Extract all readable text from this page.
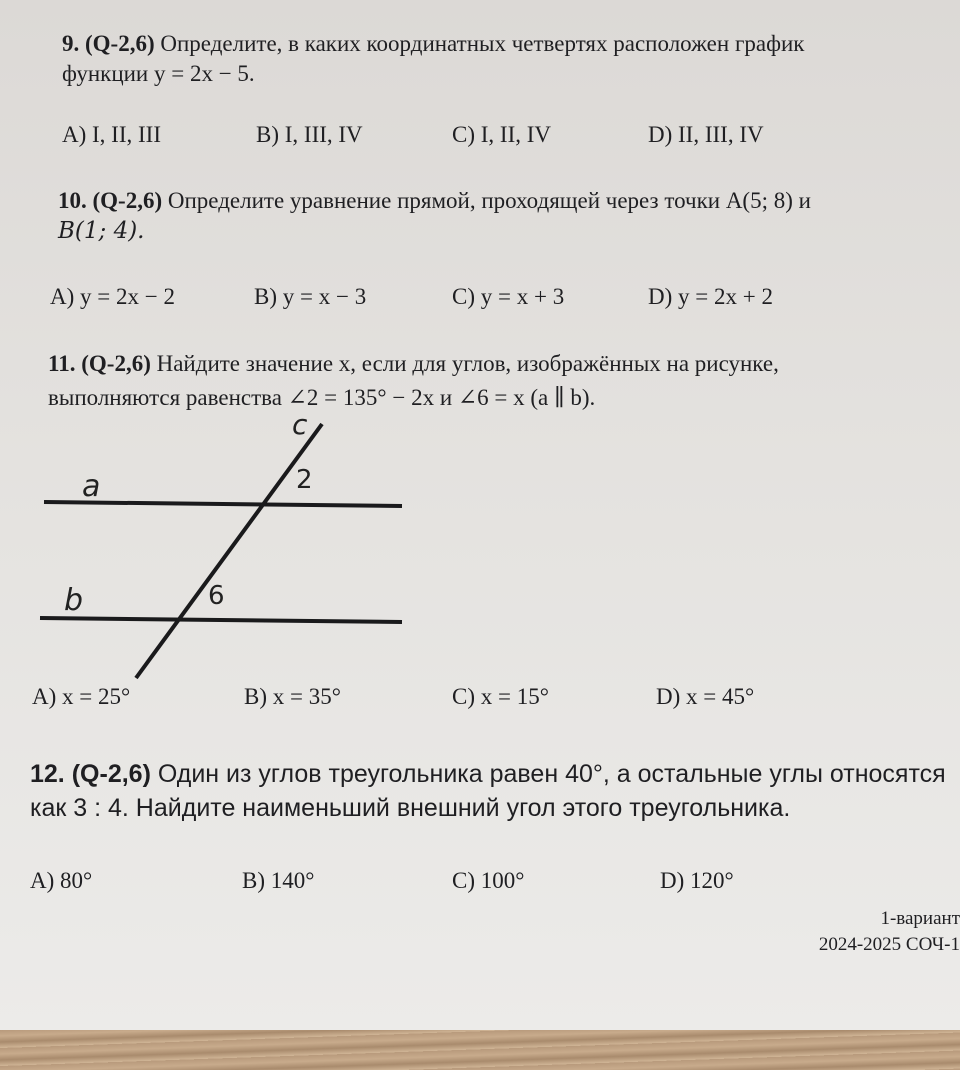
9. (Q-2,6) Определите, в каких координатных четвертях расположен график
функции y = 2x − 5.
A) I, II, III	B) I, III, IV	C) I, II, IV	D) II, III, IV
10. (Q-2,6) Определите уравнение прямой, проходящей через точки A(5; 8) и
B(1; 4).
A) y = 2x − 2	B) y = x − 3	C) y = x + 3	D) y = 2x + 2
11. (Q-2,6) Найдите значение x, если для углов, изображённых на рисунке,
выполняются равенства ∠2 = 135° − 2x и ∠6 = x (a ∥ b).
c
a
b
2
6
A) x = 25°	B) x = 35°	C) x = 15°	D) x = 45°
12. (Q-2,6) Один из углов треугольника равен 40°, а остальные углы относятся
как 3 : 4. Найдите наименьший внешний угол этого треугольника.
A) 80°	B) 140°	C) 100°	D) 120°
1-вариант
2024-2025 СОЧ-1
